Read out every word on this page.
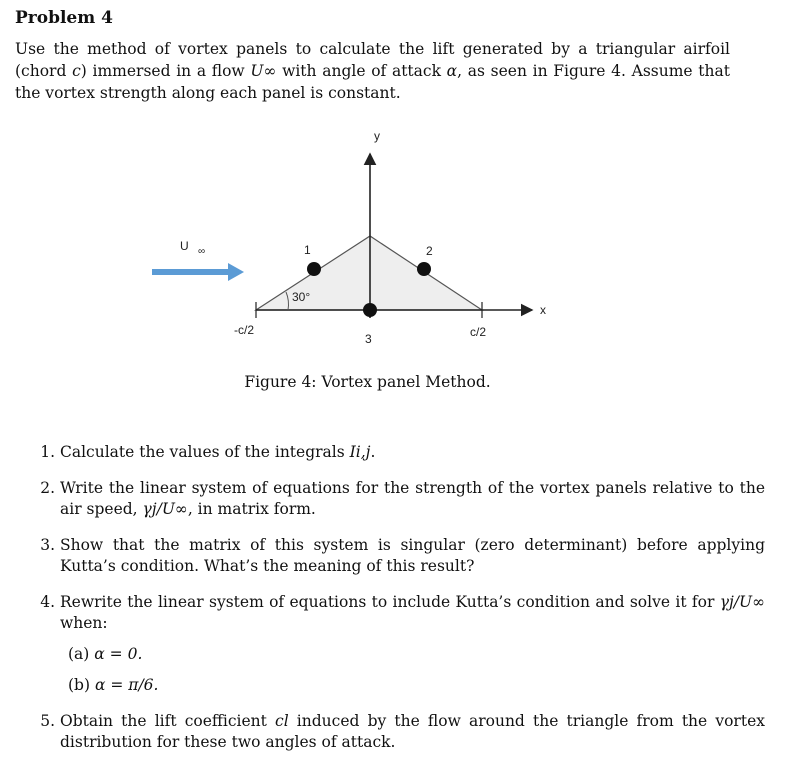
Problem 4
Use the method of vortex panels to calculate the lift generated by a triangular airfoil (chord c) immersed in a flow U∞ with angle of attack α, as seen in Figure 4. Assume that the vortex strength along each panel is constant.
U ∞
30°
1	2
3
y
x
-c/2	c/2
Figure 4: Vortex panel Method.
1. Calculate the values of the integrals Ii,j.
2. Write the linear system of equations for the strength of the vortex panels relative to the air speed, γj/U∞, in matrix form.
3. Show that the matrix of this system is singular (zero determinant) before applying Kutta’s condition. What’s the meaning of this result?
4. Rewrite the linear system of equations to include Kutta’s condition and solve it for γj/U∞ when:
(a) α = 0.
(b) α = π/6.
5. Obtain the lift coefficient cl induced by the flow around the triangle from the vortex distribution for these two angles of attack.
